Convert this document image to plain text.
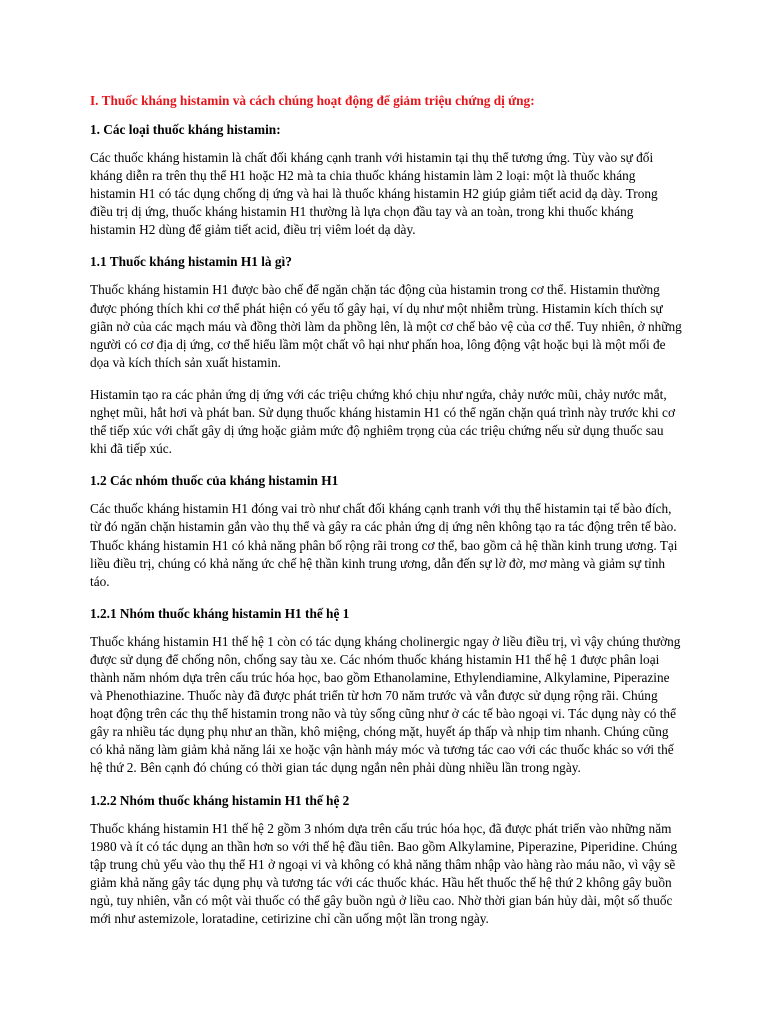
I. Thuốc kháng histamin và cách chúng hoạt động để giảm triệu chứng dị ứng:
1. Các loại thuốc kháng histamin:
Các thuốc kháng histamin là chất đối kháng cạnh tranh với histamin tại thụ thể tương ứng. Tùy vào sự đối kháng diễn ra trên thụ thể H1 hoặc H2 mà ta chia thuốc kháng histamin làm 2 loại: một là thuốc kháng histamin H1 có tác dụng chống dị ứng và hai là thuốc kháng histamin H2 giúp giảm tiết acid dạ dày. Trong điều trị dị ứng, thuốc kháng histamin H1 thường là lựa chọn đầu tay và an toàn, trong khi thuốc kháng histamin H2 dùng để giảm tiết acid, điều trị viêm loét dạ dày.
1.1 Thuốc kháng histamin H1 là gì?
Thuốc kháng histamin H1 được bào chế để ngăn chặn tác động của histamin trong cơ thể. Histamin thường được phóng thích khi cơ thể phát hiện có yếu tố gây hại, ví dụ như một nhiễm trùng. Histamin kích thích sự giãn nở của các mạch máu và đồng thời làm da phồng lên, là một cơ chế bảo vệ của cơ thể. Tuy nhiên, ở những người có cơ địa dị ứng, cơ thể hiểu lầm một chất vô hại như phấn hoa, lông động vật hoặc bụi là một mối đe dọa và kích thích sản xuất histamin.
Histamin tạo ra các phản ứng dị ứng với các triệu chứng khó chịu như ngứa, chảy nước mũi, chảy nước mắt, nghẹt mũi, hắt hơi và phát ban. Sử dụng thuốc kháng histamin H1 có thể ngăn chặn quá trình này trước khi cơ thể tiếp xúc với chất gây dị ứng hoặc giảm mức độ nghiêm trọng của các triệu chứng nếu sử dụng thuốc sau khi đã tiếp xúc.
1.2 Các nhóm thuốc của kháng histamin H1
Các thuốc kháng histamin H1 đóng vai trò như chất đối kháng cạnh tranh với thụ thể histamin tại tế bào đích, từ đó ngăn chặn histamin gắn vào thụ thể và gây ra các phản ứng dị ứng nên không tạo ra tác động trên tế bào. Thuốc kháng histamin H1 có khả năng phân bố rộng rãi trong cơ thể, bao gồm cả hệ thần kinh trung ương. Tại liều điều trị, chúng có khả năng ức chế hệ thần kinh trung ương, dẫn đến sự lờ đờ, mơ màng và giảm sự tỉnh táo.
1.2.1 Nhóm thuốc kháng histamin H1 thế hệ 1
Thuốc kháng histamin H1 thế hệ 1 còn có tác dụng kháng cholinergic ngay ở liều điều trị, vì vậy chúng thường được sử dụng để chống nôn, chống say tàu xe. Các nhóm thuốc kháng histamin H1 thế hệ 1 được phân loại thành năm nhóm dựa trên cấu trúc hóa học, bao gồm Ethanolamine, Ethylendiamine, Alkylamine, Piperazine và Phenothiazine. Thuốc này đã được phát triển từ hơn 70 năm trước và vẫn được sử dụng rộng rãi. Chúng hoạt động trên các thụ thể histamin trong não và tủy sống cũng như ở các tế bào ngoại vi. Tác dụng này có thể gây ra nhiều tác dụng phụ như an thần, khô miệng, chóng mặt, huyết áp thấp và nhịp tim nhanh. Chúng cũng có khả năng làm giảm khả năng lái xe hoặc vận hành máy móc và tương tác cao với các thuốc khác so với thế hệ thứ 2. Bên cạnh đó chúng có thời gian tác dụng ngắn nên phải dùng nhiều lần trong ngày.
1.2.2 Nhóm thuốc kháng histamin H1 thế hệ 2
Thuốc kháng histamin H1 thế hệ 2 gồm 3 nhóm dựa trên cấu trúc hóa học, đã được phát triển vào những năm 1980 và ít có tác dụng an thần hơn so với thế hệ đầu tiên. Bao gồm Alkylamine, Piperazine, Piperidine. Chúng tập trung chủ yếu vào thụ thể H1 ở ngoại vi và không có khả năng thâm nhập vào hàng rào máu não, vì vậy sẽ giảm khả năng gây tác dụng phụ và tương tác với các thuốc khác. Hầu hết thuốc thế hệ thứ 2 không gây buồn ngủ, tuy nhiên, vẫn có một vài thuốc có thể gây buồn ngủ ở liều cao. Nhờ thời gian bán hủy dài, một số thuốc mới như astemizole, loratadine, cetirizine chỉ cần uống một lần trong ngày.
